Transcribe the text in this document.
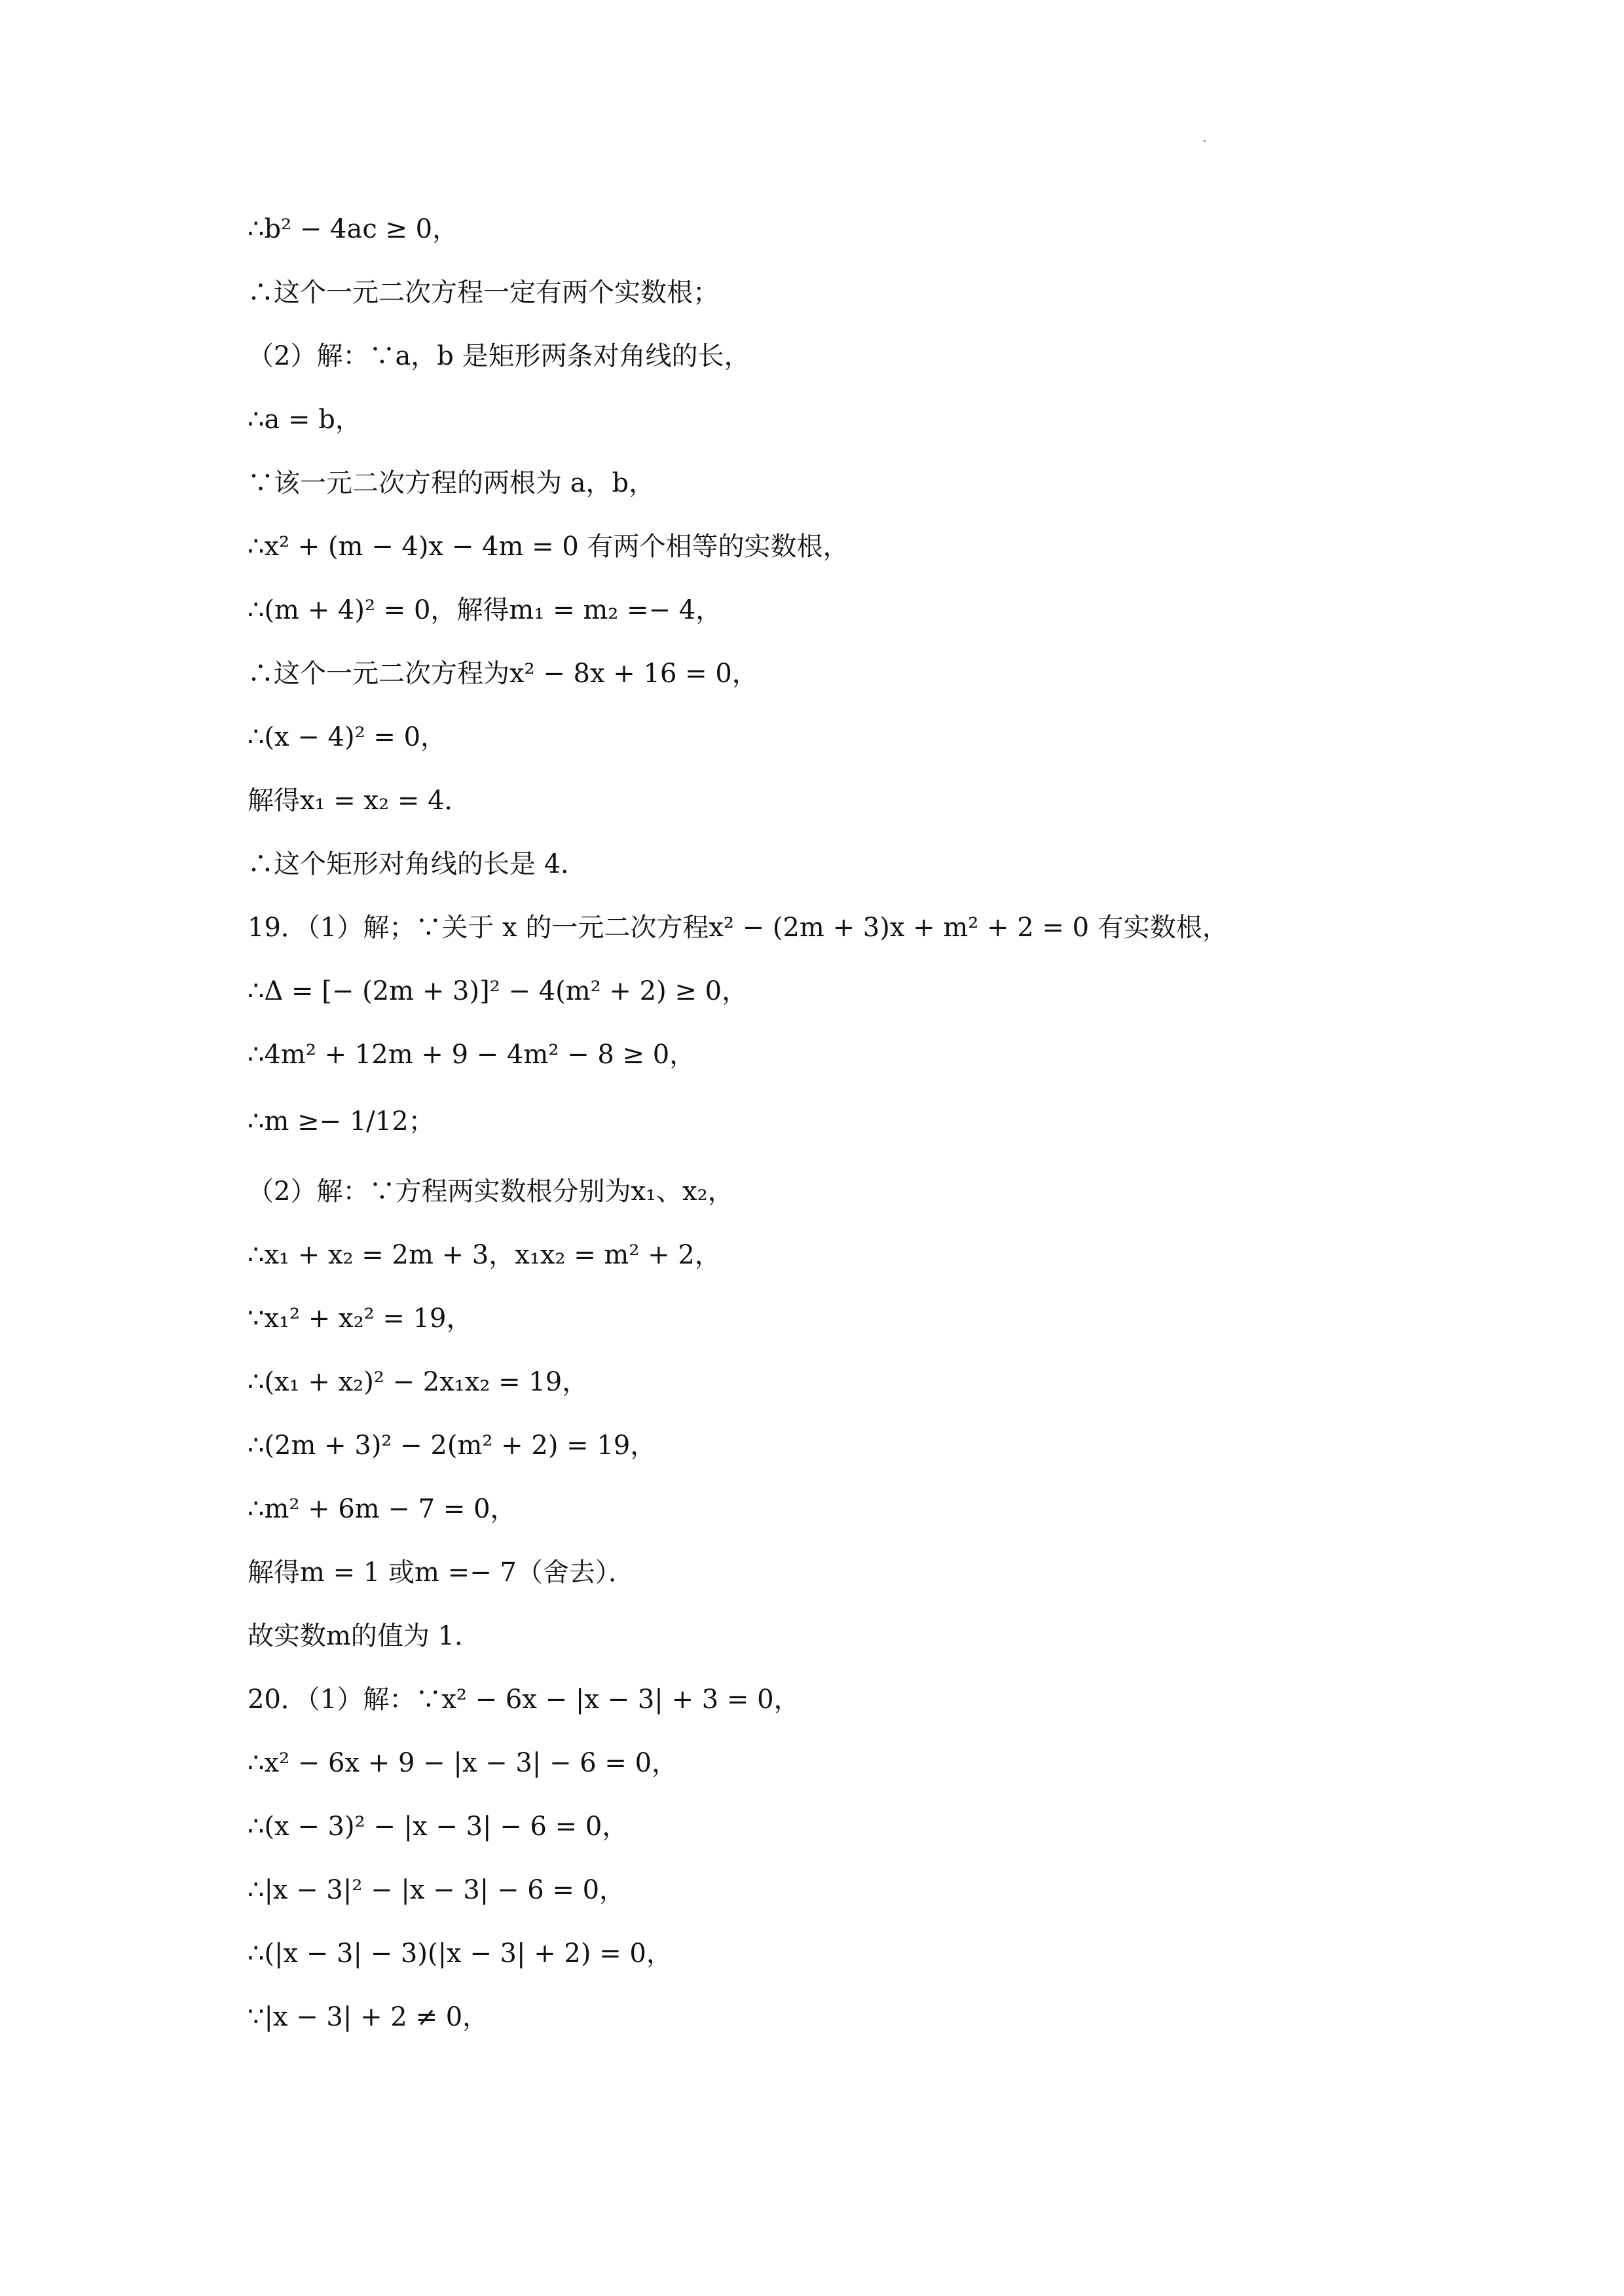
∴b² − 4ac ≥ 0，
∴这个一元二次方程一定有两个实数根；
（2）解：∵a，b 是矩形两条对角线的长，
∴a = b，
∵该一元二次方程的两根为 a，b，
∴x² + (m − 4)x − 4m = 0 有两个相等的实数根，
∴(m + 4)² = 0，解得m₁ = m₂ =− 4，
∴这个一元二次方程为x² − 8x + 16 = 0，
∴(x − 4)² = 0，
解得x₁ = x₂ = 4．
∴这个矩形对角线的长是 4．
19．（1）解；∵关于 x 的一元二次方程x² − (2m + 3)x + m² + 2 = 0 有实数根，
∴Δ = [− (2m + 3)]² − 4(m² + 2) ≥ 0，
∴4m² + 12m + 9 − 4m² − 8 ≥ 0，
∴m ≥− 1/12；
（2）解：∵方程两实数根分别为x₁、x₂，
∴x₁ + x₂ = 2m + 3，x₁x₂ = m² + 2，
∵x₁² + x₂² = 19，
∴(x₁ + x₂)² − 2x₁x₂ = 19，
∴(2m + 3)² − 2(m² + 2) = 19，
∴m² + 6m − 7 = 0，
解得m = 1 或m =− 7（舍去）．
故实数m的值为 1．
20．（1）解：∵x² − 6x − |x − 3| + 3 = 0，
∴x² − 6x + 9 − |x − 3| − 6 = 0，
∴(x − 3)² − |x − 3| − 6 = 0，
∴|x − 3|² − |x − 3| − 6 = 0，
∴(|x − 3| − 3)(|x − 3| + 2) = 0，
∵|x − 3| + 2 ≠ 0，
